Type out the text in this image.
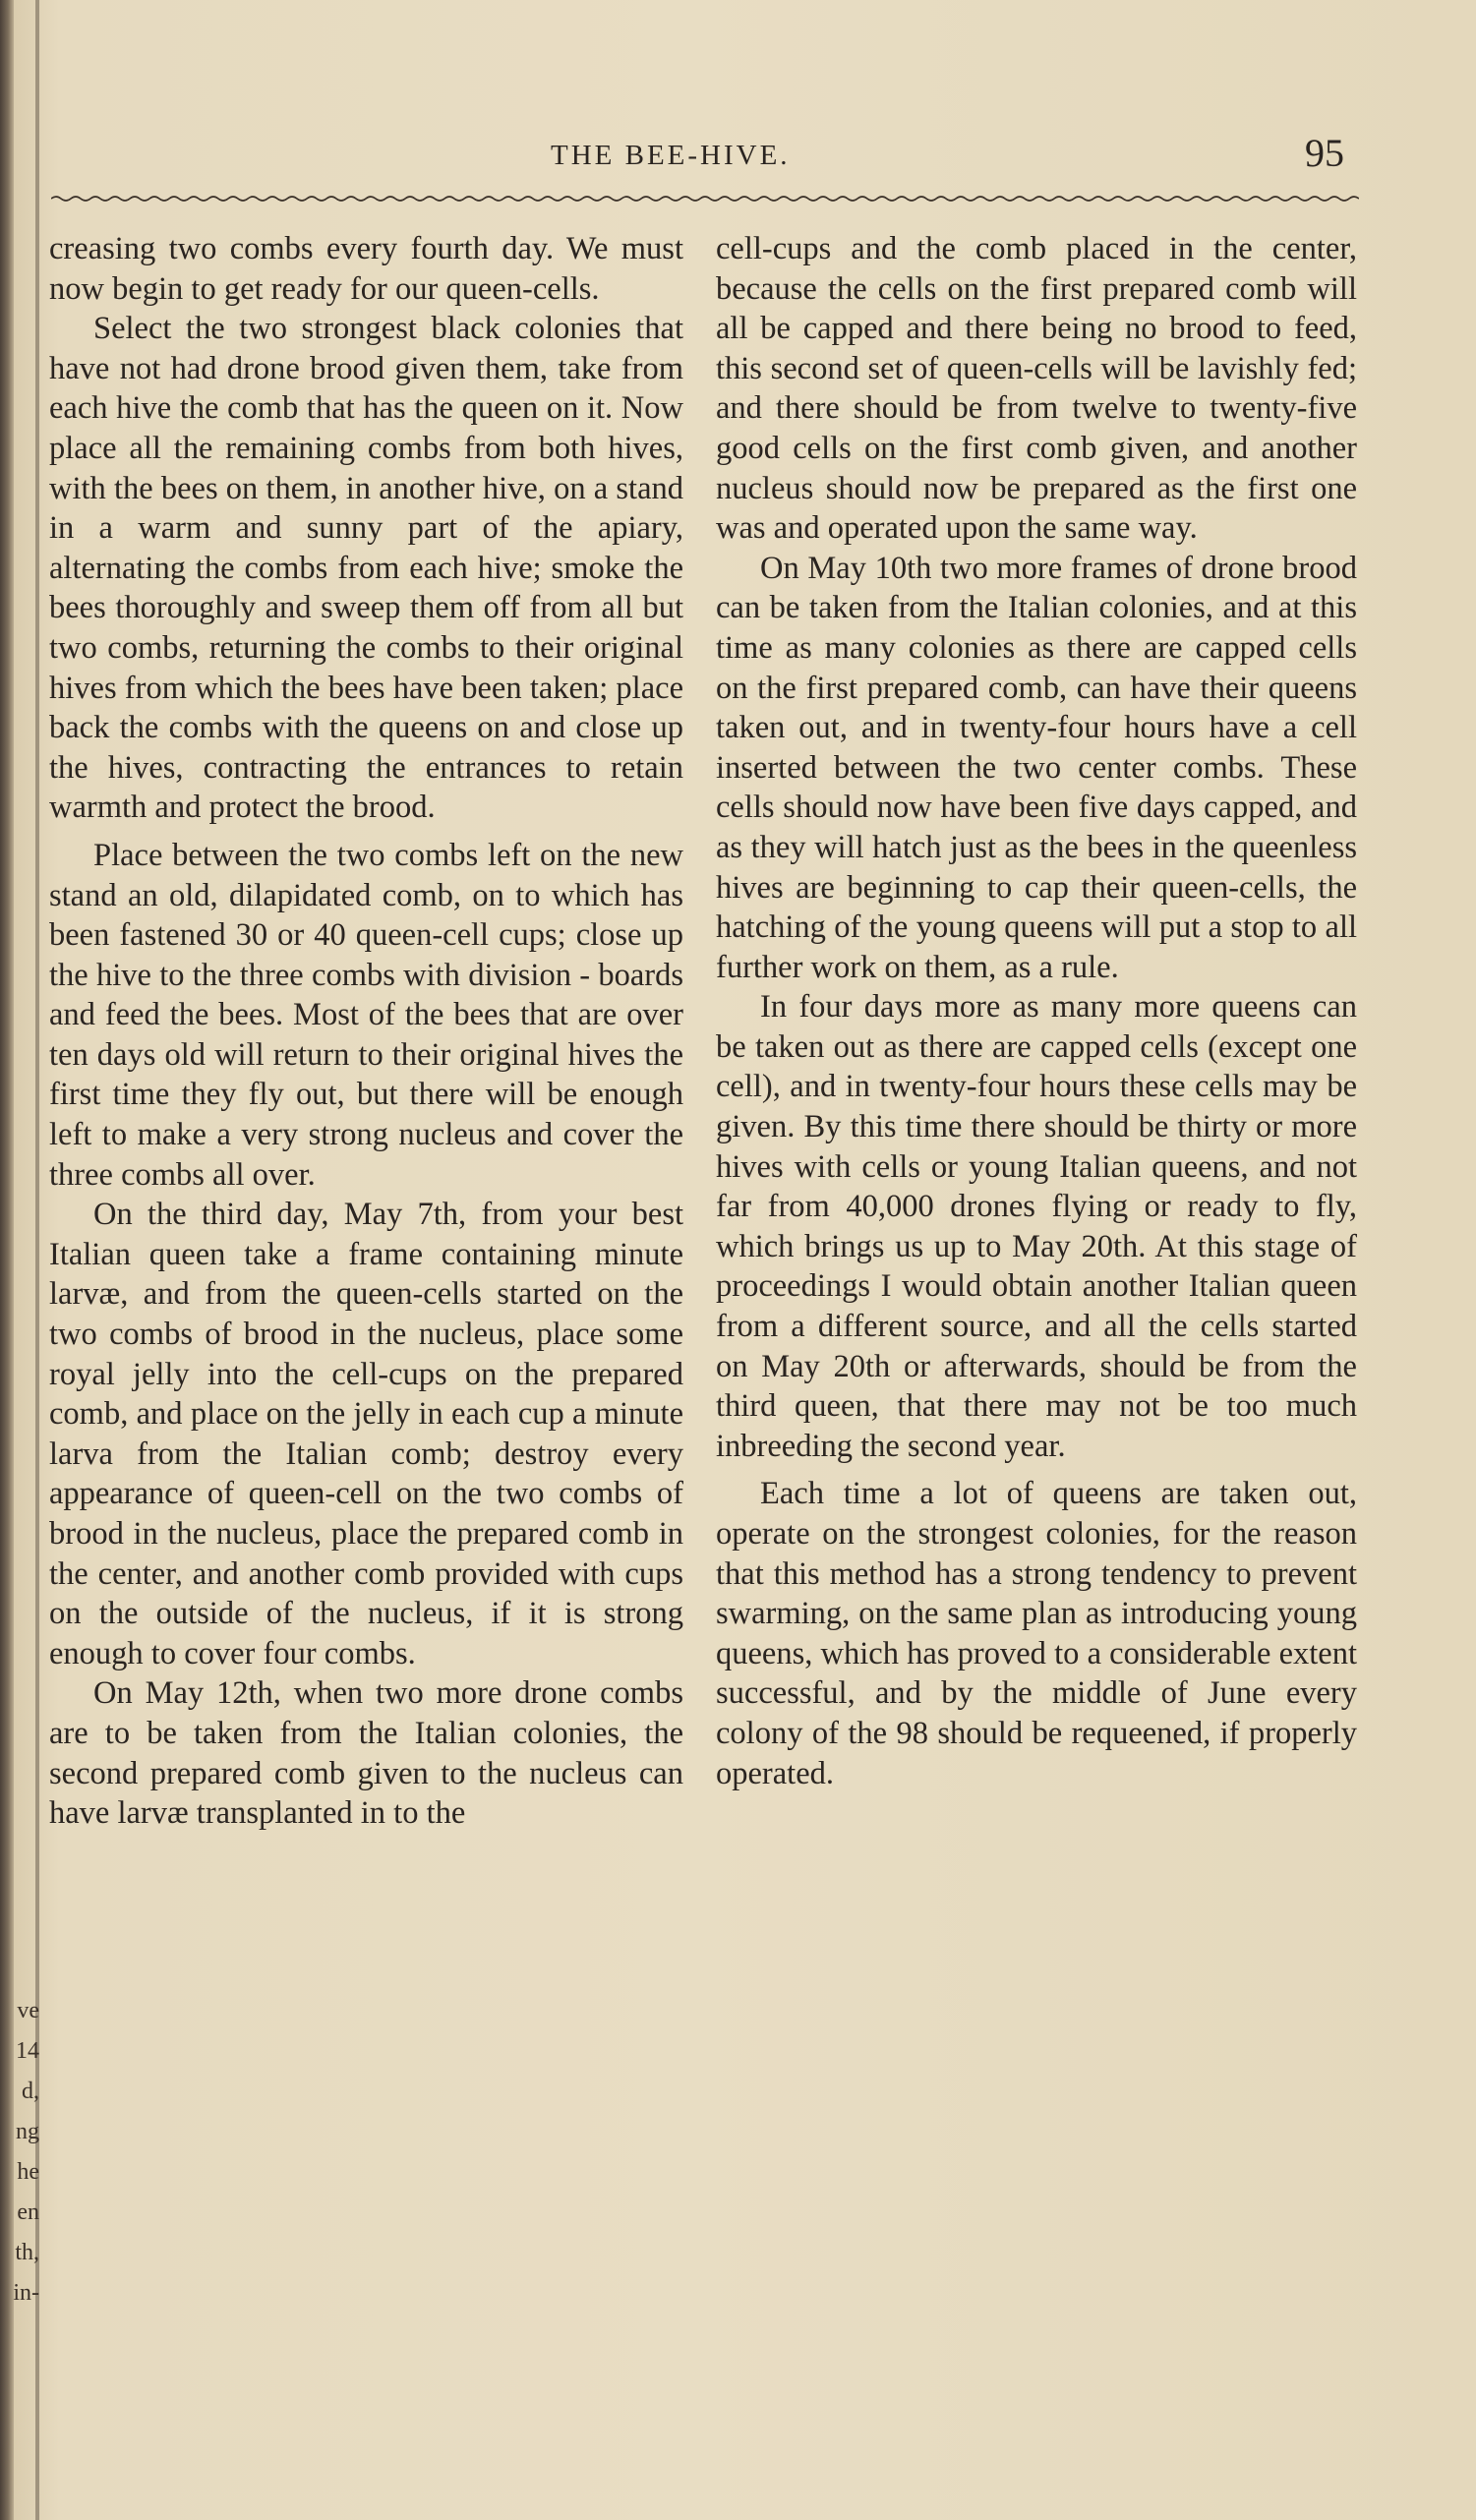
THE BEE-HIVE.	95

creasing two combs every fourth day. We must now begin to get ready for our queen-cells.

Select the two strongest black colonies that have not had drone brood given them, take from each hive the comb that has the queen on it. Now place all the remaining combs from both hives, with the bees on them, in another hive, on a stand in a warm and sunny part of the apiary, alternating the combs from each hive; smoke the bees thoroughly and sweep them off from all but two combs, returning the combs to their original hives from which the bees have been taken; place back the combs with the queens on and close up the hives, contracting the entrances to retain warmth and protect the brood.

Place between the two combs left on the new stand an old, dilapidated comb, on to which has been fastened 30 or 40 queen-cell cups; close up the hive to the three combs with division - boards and feed the bees. Most of the bees that are over ten days old will return to their original hives the first time they fly out, but there will be enough left to make a very strong nucleus and cover the three combs all over.

On the third day, May 7th, from your best Italian queen take a frame containing minute larvæ, and from the queen-cells started on the two combs of brood in the nucleus, place some royal jelly into the cell-cups on the prepared comb, and place on the jelly in each cup a minute larva from the Italian comb; destroy every appearance of queen-cell on the two combs of brood in the nucleus, place the prepared comb in the center, and another comb provided with cups on the outside of the nucleus, if it is strong enough to cover four combs.

On May 12th, when two more drone combs are to be taken from the Italian colonies, the second prepared comb given to the nucleus can have larvæ transplanted in to the

cell-cups and the comb placed in the center, because the cells on the first prepared comb will all be capped and there being no brood to feed, this second set of queen-cells will be lavishly fed; and there should be from twelve to twenty-five good cells on the first comb given, and another nucleus should now be prepared as the first one was and operated upon the same way.

On May 10th two more frames of drone brood can be taken from the Italian colonies, and at this time as many colonies as there are capped cells on the first prepared comb, can have their queens taken out, and in twenty-four hours have a cell inserted between the two center combs. These cells should now have been five days capped, and as they will hatch just as the bees in the queenless hives are beginning to cap their queen-cells, the hatching of the young queens will put a stop to all further work on them, as a rule.

In four days more as many more queens can be taken out as there are capped cells (except one cell), and in twenty-four hours these cells may be given. By this time there should be thirty or more hives with cells or young Italian queens, and not far from 40,000 drones flying or ready to fly, which brings us up to May 20th. At this stage of proceedings I would obtain another Italian queen from a different source, and all the cells started on May 20th or afterwards, should be from the third queen, that there may not be too much inbreeding the second year.

Each time a lot of queens are taken out, operate on the strongest colonies, for the reason that this method has a strong tendency to prevent swarming, on the same plan as introducing young queens, which has proved to a considerable extent successful, and by the middle of June every colony of the 98 should be requeened, if properly operated.

ve
14
d,
ng
he
en
th,
in-
